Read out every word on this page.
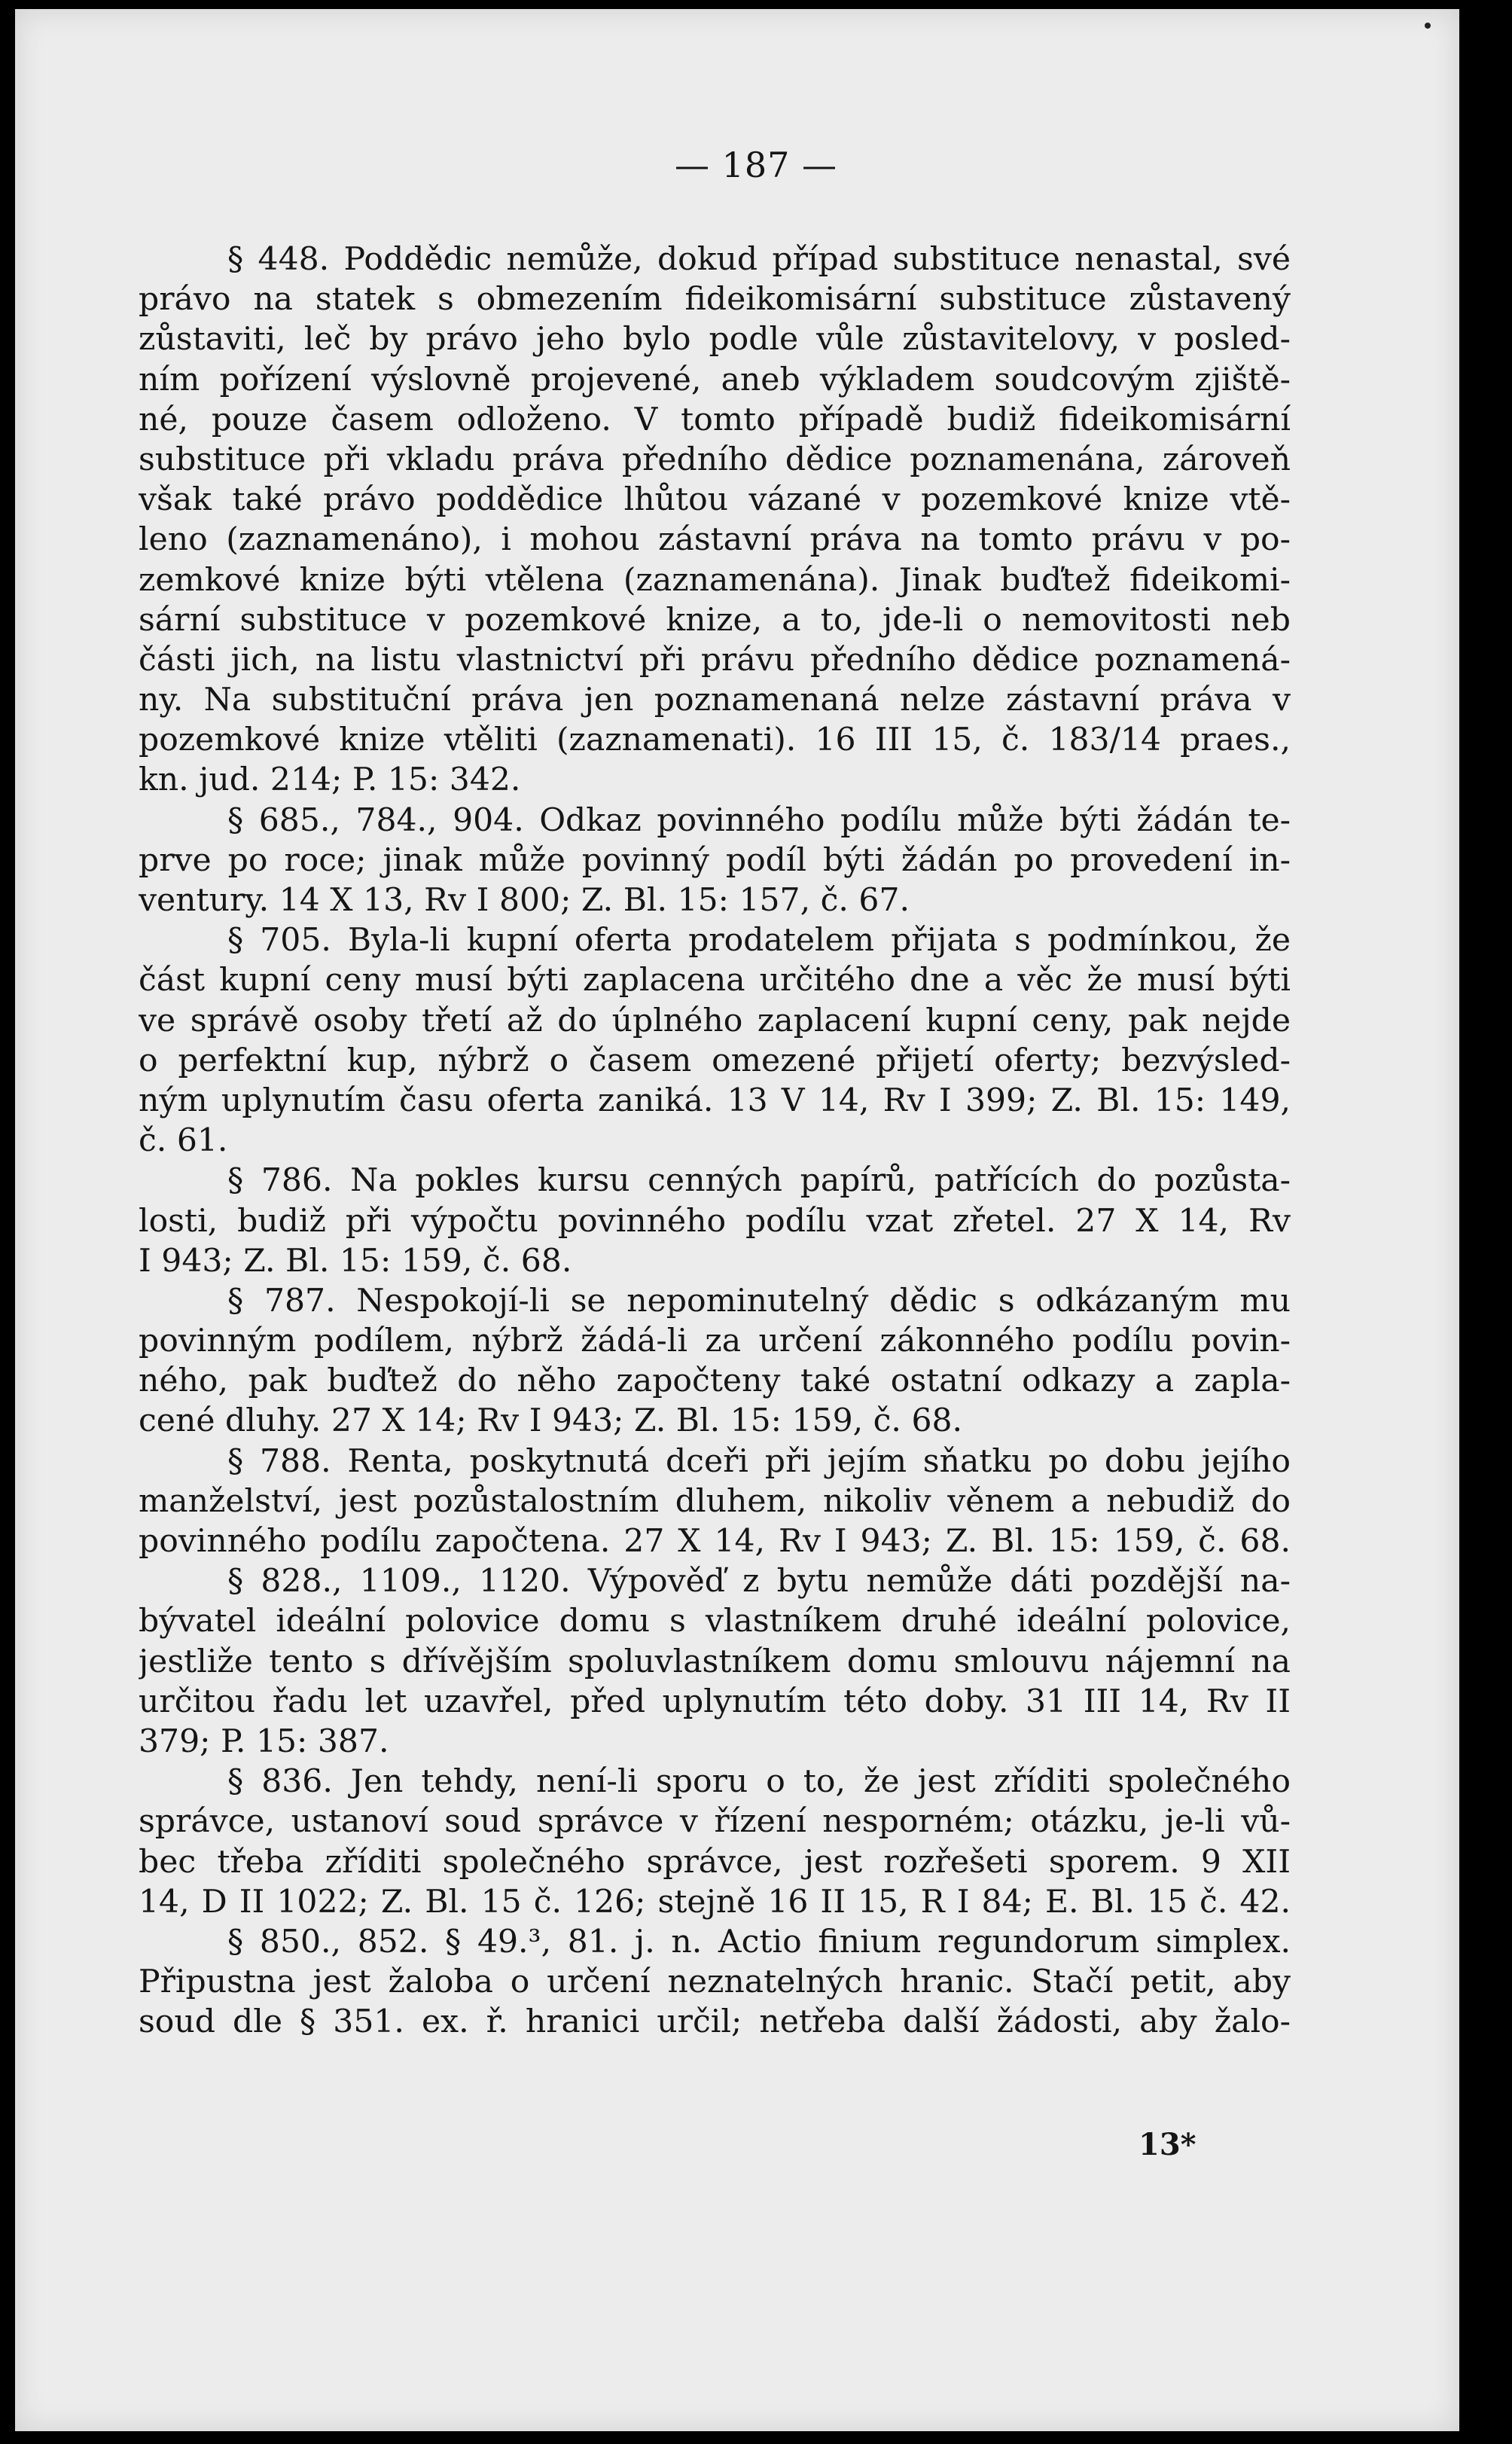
— 187 —
§ 448. Poddědic nemůže, dokud případ substituce nenastal, své
právo na statek s obmezením fideikomisární substituce zůstavený
zůstaviti, leč by právo jeho bylo podle vůle zůstavitelovy, v posled-
ním pořízení výslovně projevené, aneb výkladem soudcovým zjiště-
né, pouze časem odloženo. V tomto případě budiž fideikomisární
substituce při vkladu práva předního dědice poznamenána, zároveň
však také právo poddědice lhůtou vázané v pozemkové knize vtě-
leno (zaznamenáno), i mohou zástavní práva na tomto právu v po-
zemkové knize býti vtělena (zaznamenána). Jinak buďtež fideikomi-
sární substituce v pozemkové knize, a to, jde-li o nemovitosti neb
části jich, na listu vlastnictví při právu předního dědice poznamená-
ny. Na substituční práva jen poznamenaná nelze zástavní práva v
pozemkové knize vtěliti (zaznamenati). 16 III 15, č. 183/14 praes.,
kn. jud. 214; P. 15: 342.
§ 685., 784., 904. Odkaz povinného podílu může býti žádán te-
prve po roce; jinak může povinný podíl býti žádán po provedení in-
ventury. 14 X 13, Rv I 800; Z. Bl. 15: 157, č. 67.
§ 705. Byla-li kupní oferta prodatelem přijata s podmínkou, že
část kupní ceny musí býti zaplacena určitého dne a věc že musí býti
ve správě osoby třetí až do úplného zaplacení kupní ceny, pak nejde
o perfektní kup, nýbrž o časem omezené přijetí oferty; bezvýsled-
ným uplynutím času oferta zaniká. 13 V 14, Rv I 399; Z. Bl. 15: 149,
č. 61.
§ 786. Na pokles kursu cenných papírů, patřících do pozůsta-
losti, budiž při výpočtu povinného podílu vzat zřetel. 27 X 14, Rv
I 943; Z. Bl. 15: 159, č. 68.
§ 787. Nespokojí-li se nepominutelný dědic s odkázaným mu
povinným podílem, nýbrž žádá-li za určení zákonného podílu povin-
ného, pak buďtež do něho započteny také ostatní odkazy a zapla-
cené dluhy. 27 X 14; Rv I 943; Z. Bl. 15: 159, č. 68.
§ 788. Renta, poskytnutá dceři při jejím sňatku po dobu jejího
manželství, jest pozůstalostním dluhem, nikoliv věnem a nebudiž do
povinného podílu započtena. 27 X 14, Rv I 943; Z. Bl. 15: 159, č. 68.
§ 828., 1109., 1120. Výpověď z bytu nemůže dáti pozdější na-
bývatel ideální polovice domu s vlastníkem druhé ideální polovice,
jestliže tento s dřívějším spoluvlastníkem domu smlouvu nájemní na
určitou řadu let uzavřel, před uplynutím této doby. 31 III 14, Rv II
379; P. 15: 387.
§ 836. Jen tehdy, není-li sporu o to, že jest zříditi společného
správce, ustanoví soud správce v řízení nesporném; otázku, je-li vů-
bec třeba zříditi společného správce, jest rozřešeti sporem. 9 XII
14, D II 1022; Z. Bl. 15 č. 126; stejně 16 II 15, R I 84; E. Bl. 15 č. 42.
§ 850., 852. § 49.³, 81. j. n. Actio finium regundorum simplex.
Připustna jest žaloba o určení neznatelných hranic. Stačí petit, aby
soud dle § 351. ex. ř. hranici určil; netřeba další žádosti, aby žalo-
13*
